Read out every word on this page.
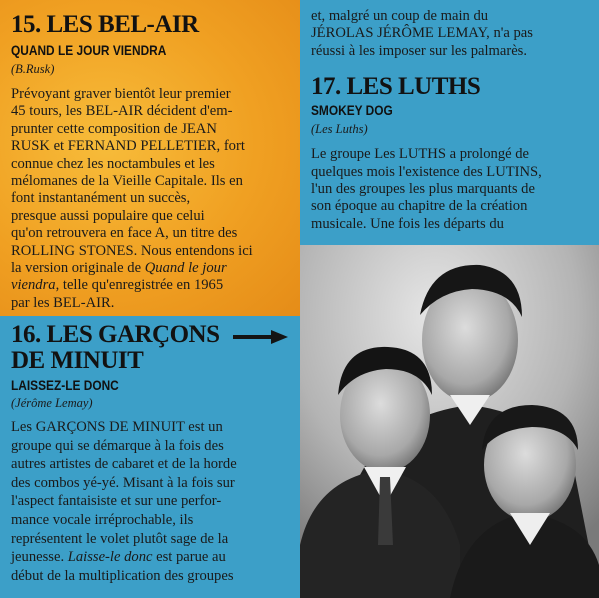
15. LES BEL-AIR

QUAND LE JOUR VIENDRA

(B.Rusk)

Prévoyant graver bientôt leur premier
45 tours, les BEL-AIR décident d'em-
prunter cette composition de JEAN
RUSK et FERNAND PELLETIER, fort
connue chez les noctambules et les
mélomanes de la Vieille Capitale. Ils en
font instantanément un succès,
presque aussi populaire que celui
qu'on retrouvera en face A, un titre des
ROLLING STONES. Nous entendons ici
la version originale de Quand le jour
viendra, telle qu'enregistrée en 1965
par les BEL-AIR.

16. LES GARÇONS

DE MINUIT

LAISSEZ-LE DONC

(Jérôme Lemay)

Les GARÇONS DE MINUIT est un
groupe qui se démarque à la fois des
autres artistes de cabaret et de la horde
des combos yé-yé. Misant à la fois sur
l'aspect fantaisiste et sur une perfor-
mance vocale irréprochable, ils
représentent le volet plutôt sage de la
jeunesse. Laisse-le donc est parue au
début de la multiplication des groupes
et, malgré un coup de main du
JÉROLAS JÉRÔME LEMAY, n'a pas
réussi à les imposer sur les palmarès.

17. LES LUTHS

SMOKEY DOG

(Les Luths)

Le groupe Les LUTHS a prolongé de
quelques mois l'existence des LUTINS,
l'un des groupes les plus marquants de
son époque au chapitre de la création
musicale. Une fois les départs du
